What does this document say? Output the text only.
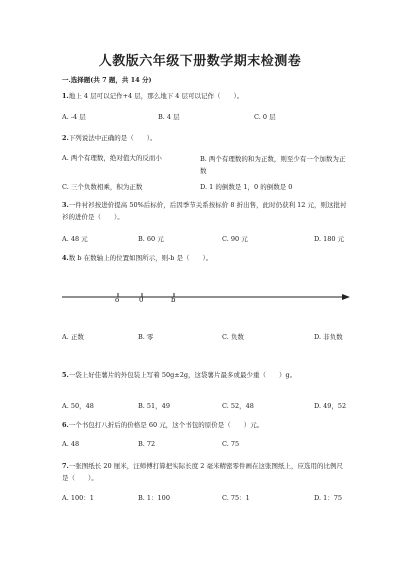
人教版六年级下册数学期末检测卷
一.选择题(共 7 题，共 14 分)
1.地上 4 层可以记作+4 层，那么地下 4 层可以记作（　　）。
A. -4 层	B. 4 层	C. 0 层
2.下列说法中正确的是（　　）。
A. 两个有理数，绝对值大的反而小	B. 两个有理数的和为正数，则至少有一个加数为正数
C. 三个负数相乘，积为正数	D. 1 的倒数是 1，0 的倒数是 0
3.一件衬衫按进价提高 50%后标价，后因季节关系按标价 8 折出售，此时仍获利 12 元，则这批衬衫的进价是（　　）。
A. 48 元	B. 60 元	C. 90 元	D. 180 元
4.数 b 在数轴上的位置如图所示，则-b 是（　　）。
o	0	b
A. 正数	B. 零	C. 负数	D. 非负数
5.一袋上好佳薯片的外包装上写着 50g±2g，这袋薯片最多或最少重（　　）g。
A. 50，48	B. 51，49	C. 52，48	D. 49，52
6.一个书包打八折后的价格是 60 元，这个书包的原价是（　　）元。
A. 48	B. 72	C. 75
7.一张图纸长 20 厘米，汪师傅打算把实际长度 2 毫米精密零件画在这张图纸上，应选用的比例尺是（　　）。
A. 100：1	B. 1：100	C. 75：1	D. 1：75
